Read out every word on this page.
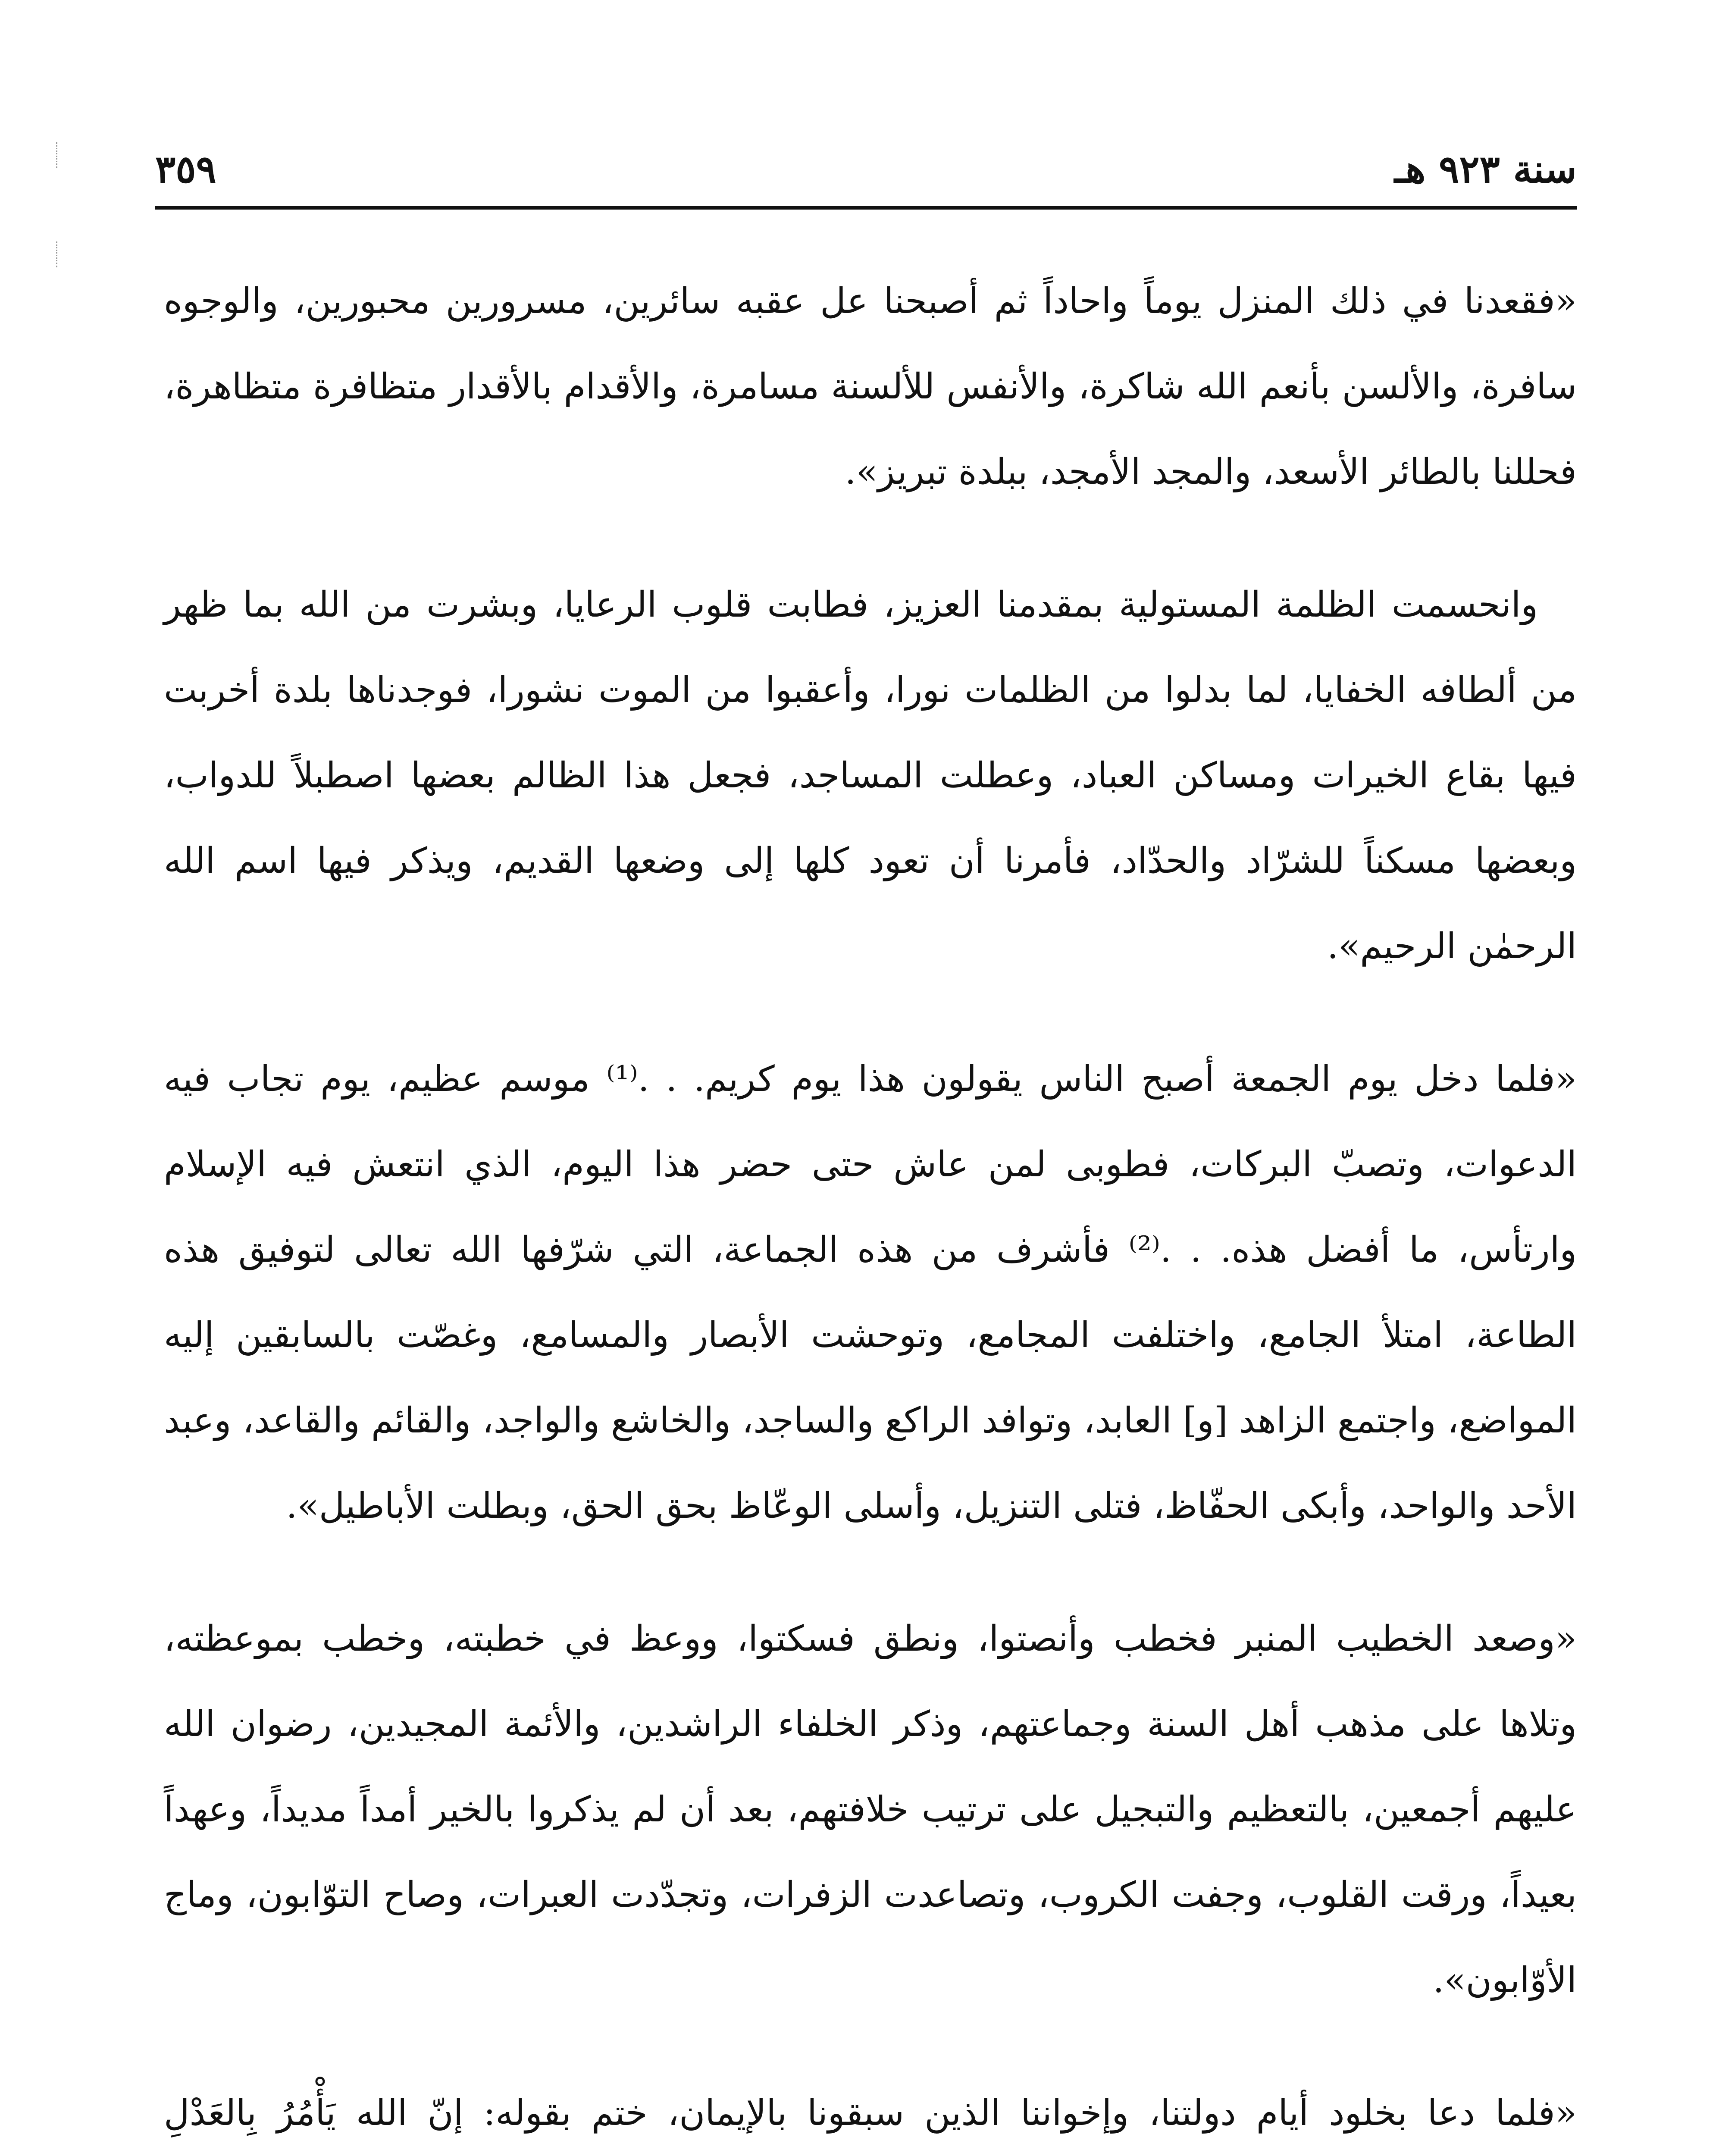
سنة ٩٢٣ هـ
٣٥٩

«فقعدنا في ذلك المنزل يوماً واحاداً ثم أصبحنا عل عقبه سائرين، مسرورين محبورين، والوجوه سافرة، والألسن بأنعم الله شاكرة، والأنفس للألسنة مسامرة، والأقدام بالأقدار متظافرة متظاهرة، فحللنا بالطائر الأسعد، والمجد الأمجد، ببلدة تبريز».

وانحسمت الظلمة المستولية بمقدمنا العزيز، فطابت قلوب الرعايا، وبشرت من الله بما ظهر من ألطافه الخفايا، لما بدلوا من الظلمات نورا، وأعقبوا من الموت نشورا، فوجدناها بلدة أخربت فيها بقاع الخيرات ومساكن العباد، وعطلت المساجد، فجعل هذا الظالم بعضها اصطبلاً للدواب، وبعضها مسكناً للشرّاد والحدّاد، فأمرنا أن تعود كلها إلى وضعها القديم، ويذكر فيها اسم الله الرحمٰن الرحيم».

«فلما دخل يوم الجمعة أصبح الناس يقولون هذا يوم كريم. . .⁽¹⁾ موسم عظيم، يوم تجاب فيه الدعوات، وتصبّ البركات، فطوبى لمن عاش حتى حضر هذا اليوم، الذي انتعش فيه الإسلام وارتأس، ما أفضل هذه. . .⁽²⁾ فأشرف من هذه الجماعة، التي شرّفها الله تعالى لتوفيق هذه الطاعة، امتلأ الجامع، واختلفت المجامع، وتوحشت الأبصار والمسامع، وغصّت بالسابقين إليه المواضع، واجتمع الزاهد [و] العابد، وتوافد الراكع والساجد، والخاشع والواجد، والقائم والقاعد، وعبد الأحد والواحد، وأبكى الحفّاظ، فتلى التنزيل، وأسلى الوعّاظ بحق الحق، وبطلت الأباطيل».

«وصعد الخطيب المنبر فخطب وأنصتوا، ونطق فسكتوا، ووعظ في خطبته، وخطب بموعظته، وتلاها على مذهب أهل السنة وجماعتهم، وذكر الخلفاء الراشدين، والأئمة المجيدين، رضوان الله عليهم أجمعين، بالتعظيم والتبجيل على ترتيب خلافتهم، بعد أن لم يذكروا بالخير أمداً مديداً، وعهداً بعيداً، ورقت القلوب، وجفت الكروب، وتصاعدت الزفرات، وتجدّدت العبرات، وصاح التوّابون، وماج الأوّابون».

«فلما دعا بخلود أيام دولتنا، وإخواننا الذين سبقونا بالإيمان، ختم بقوله: إنّ الله يَأْمُرُ بِالعَدْلِ
